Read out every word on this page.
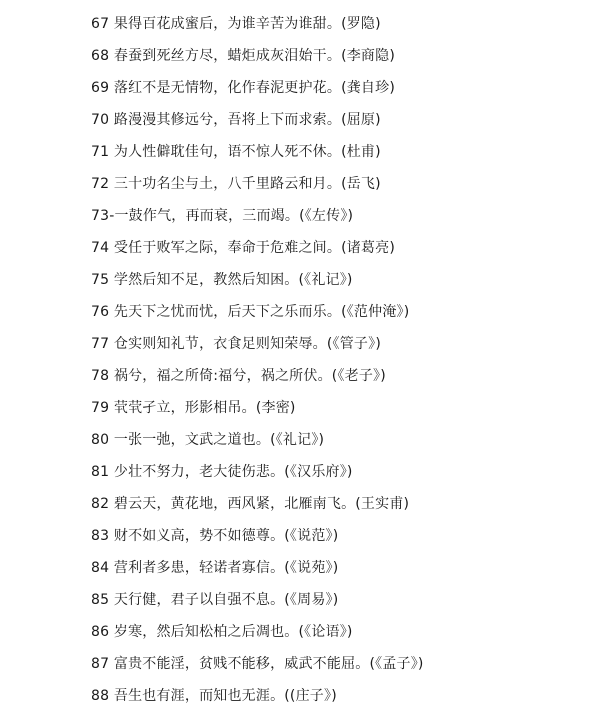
67 果得百花成蜜后，为谁辛苦为谁甜。(罗隐)
68 春蚕到死丝方尽，蜡炬成灰泪始干。(李商隐)
69 落红不是无情物，化作春泥更护花。(龚自珍)
70 路漫漫其修远兮，吾将上下而求索。(屈原)
71 为人性僻耽佳句，语不惊人死不休。(杜甫)
72 三十功名尘与土，八千里路云和月。(岳飞)
73-一鼓作气，再而衰，三而竭。(《左传》)
74 受任于败军之际，奉命于危难之间。(诸葛亮)
75 学然后知不足，教然后知困。(《礼记》)
76 先天下之忧而忧，后天下之乐而乐。(《范仲淹》)
77 仓实则知礼节，衣食足则知荣辱。(《管子》)
78 祸兮，福之所倚:福兮，祸之所伏。(《老子》)
79 茕茕孑立，形影相吊。(李密)
80 一张一弛，文武之道也。(《礼记》)
81 少壮不努力，老大徒伤悲。(《汉乐府》)
82 碧云天，黄花地，西风紧，北雁南飞。(王实甫)
83 财不如义高，势不如德尊。(《说范》)
84 营利者多患，轻诺者寡信。(《说苑》)
85 天行健，君子以自强不息。(《周易》)
86 岁寒，然后知松柏之后凋也。(《论语》)
87 富贵不能淫，贫贱不能移，威武不能屈。(《孟子》)
88 吾生也有涯，而知也无涯。((庄子》)
